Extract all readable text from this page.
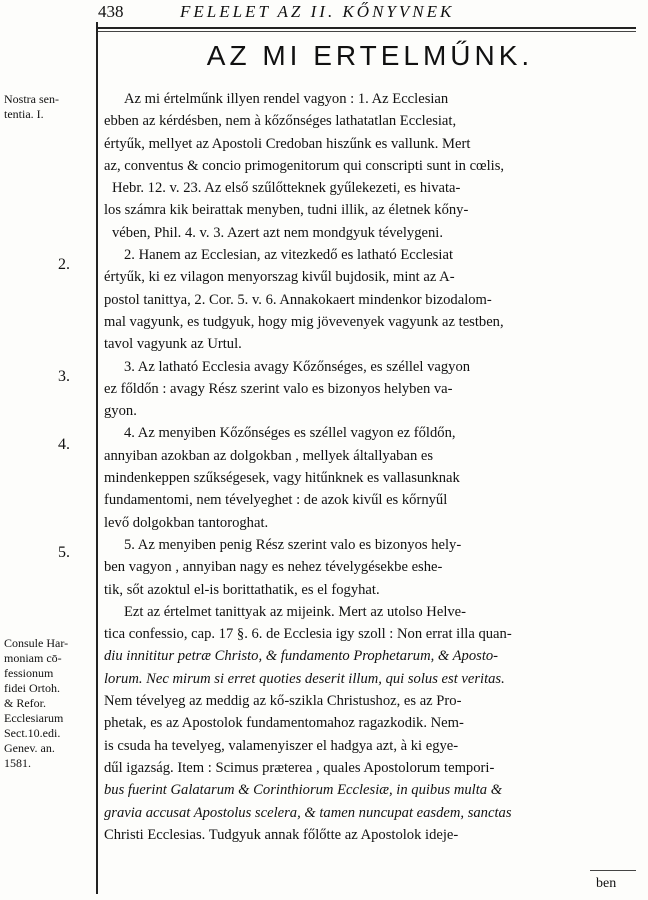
438	FELELET AZ II. KŐNYVNEK
AZ MI ERTELMŰNK.
Nostra sen-
tentia. I.
2.
3.
4.
5.
Consule Har-
moniam cō-
fessionum
fidei Ortoh.
& Refor.
Ecclesiarum
Sect.10.edi.
Genev. an.
1581.
Az mi értelműnk illyen rendel vagyon : 1. Az Ecclesian
ebben az kérdésben, nem à kőzőnséges lathatatlan Ecclesiat,
értyűk, mellyet az Apostoli Credoban hiszűnk es vallunk. Mert
az, conventus & concio primogenitorum qui conscripti sunt in cœlis,
Hebr. 12. v. 23. Az első szűlőtteknek gyűlekezeti, es hivata-
los számra kik beirattak menyben, tudni illik, az életnek kőny-
vében, Phil. 4. v. 3. Azert azt nem mondgyuk tévelygeni.
2. Hanem az Ecclesian, az vitezkedő es latható Ecclesiat
értyűk, ki ez vilagon menyorszag kivűl bujdosik, mint az A-
postol tanittya, 2. Cor. 5. v. 6. Annakokaert mindenkor bizodalom-
mal vagyunk, es tudgyuk, hogy mig jövevenyek vagyunk az testben,
tavol vagyunk az Urtul.
3. Az latható Ecclesia avagy Kőzőnséges, es széllel vagyon
ez főldőn : avagy Rész szerint valo es bizonyos helyben va-
gyon.
4. Az menyiben Kőzőnséges es széllel vagyon ez főldőn,
annyiban azokban az dolgokban , mellyek általlyaban es
mindenkeppen szűkségesek, vagy hitűnknek es vallasunknak
fundamentomi, nem tévelyeghet : de azok kivűl es kőrnyűl
levő dolgokban tantoroghat.
5. Az menyiben penig Rész szerint valo es bizonyos hely-
ben vagyon , annyiban nagy es nehez tévelygésekbe eshe-
tik, sőt azoktul el-is borittathatik, es el fogyhat.
Ezt az értelmet tanittyak az mijeink. Mert az utolso Helve-
tica confessio, cap. 17 §. 6. de Ecclesia igy szoll : Non errat illa quan-
diu innititur petræ Christo, & fundamento Prophetarum, & Aposto-
lorum. Nec mirum si erret quoties deserit illum, qui solus est veritas.
Nem tévelyeg az meddig az kő-szikla Christushoz, es az Pro-
phetak, es az Apostolok fundamentomahoz ragazkodik. Nem-
is csuda ha tevelyeg, valamenyiszer el hadgya azt, à ki egye-
dűl igazság. Item : Scimus præterea , quales Apostolorum tempori-
bus fuerint Galatarum & Corinthiorum Ecclesiæ, in quibus multa &
gravia accusat Apostolus scelera, & tamen nuncupat easdem, sanctas
Christi Ecclesias. Tudgyuk annak főlőtte az Apostolok ideje-
ben
